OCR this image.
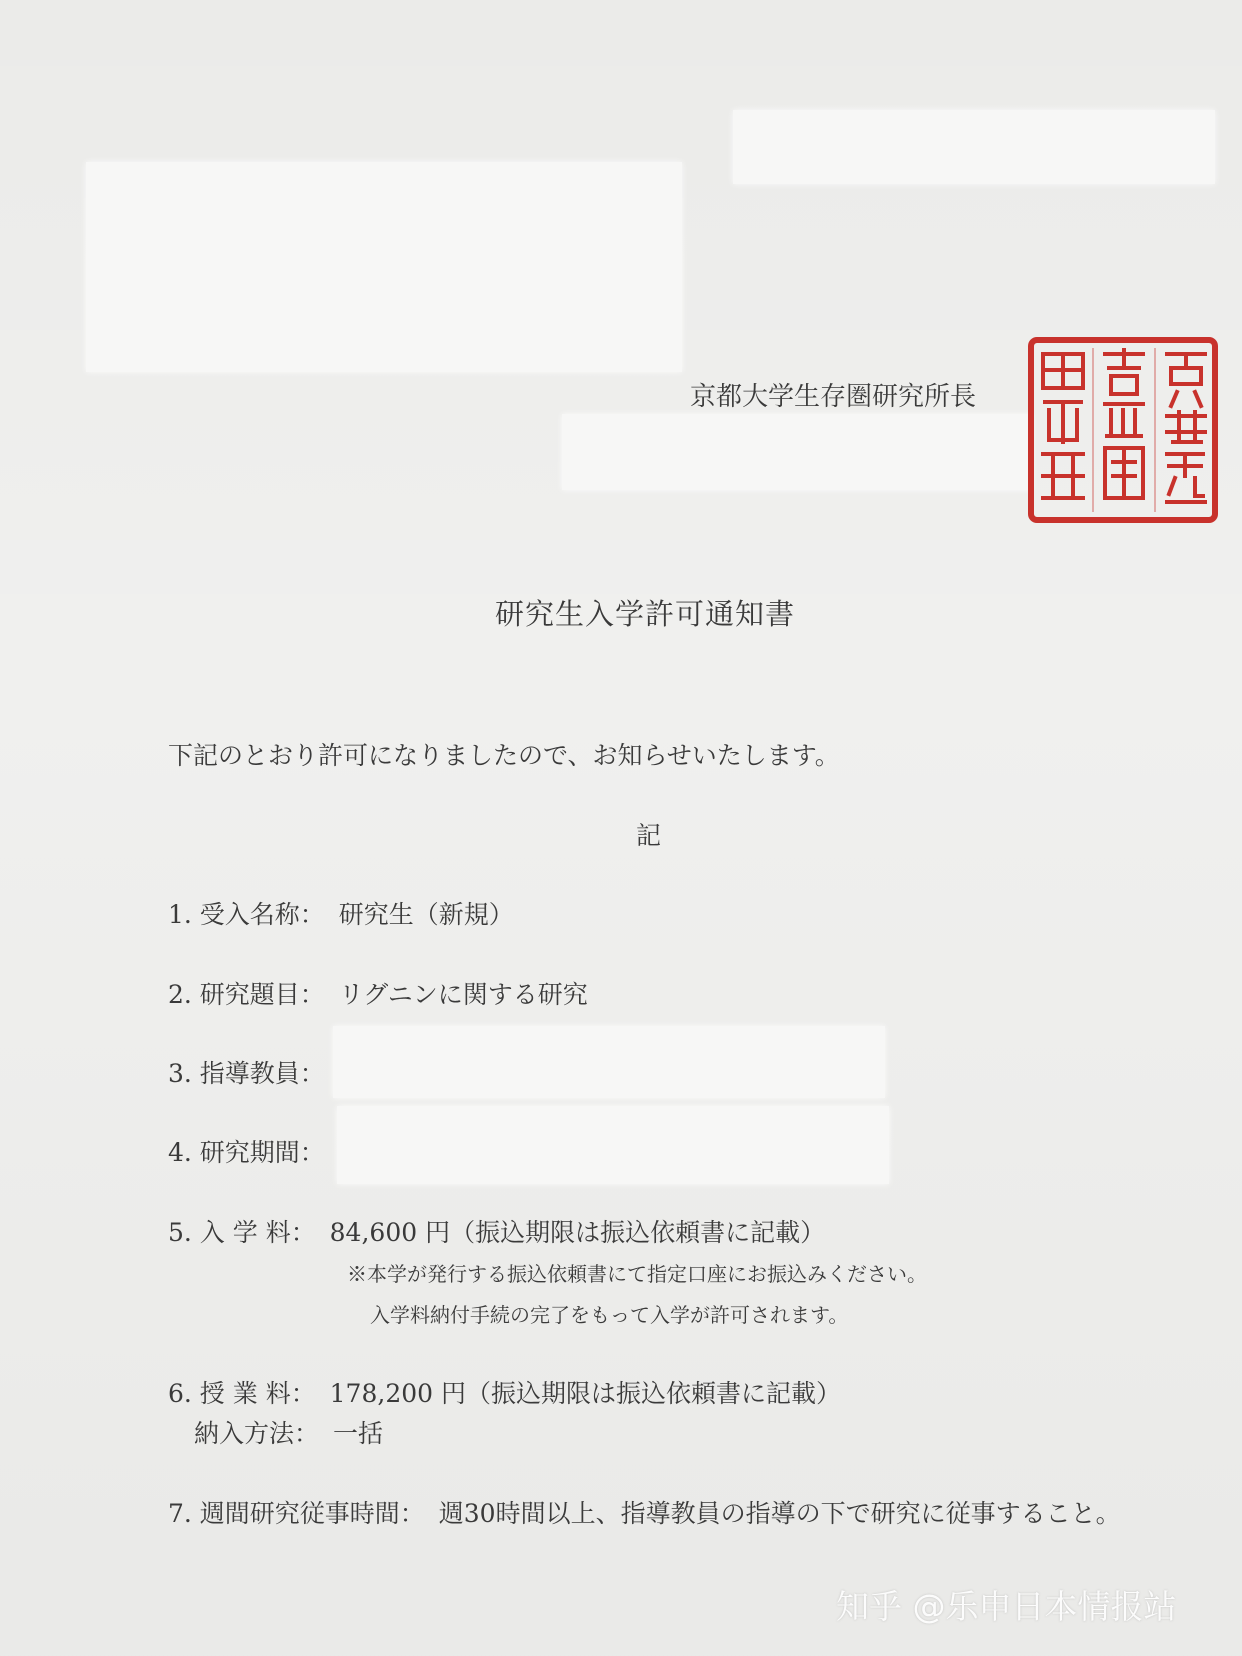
京都大学生存圏研究所長
研究生入学許可通知書
下記のとおり許可になりましたので、お知らせいたします。
記
1. 受入名称： 研究生（新規）
2. 研究題目： リグニンに関する研究
3. 指導教員：
4. 研究期間：
5. 入 学 料： 84,600 円（振込期限は振込依頼書に記載）
※本学が発行する振込依頼書にて指定口座にお振込みください。
入学料納付手続の完了をもって入学が許可されます。
6. 授 業 料： 178,200 円（振込期限は振込依頼書に記載）
納入方法： 一括
7. 週間研究従事時間： 週30時間以上、指導教員の指導の下で研究に従事すること。
知乎 @乐申日本情报站
